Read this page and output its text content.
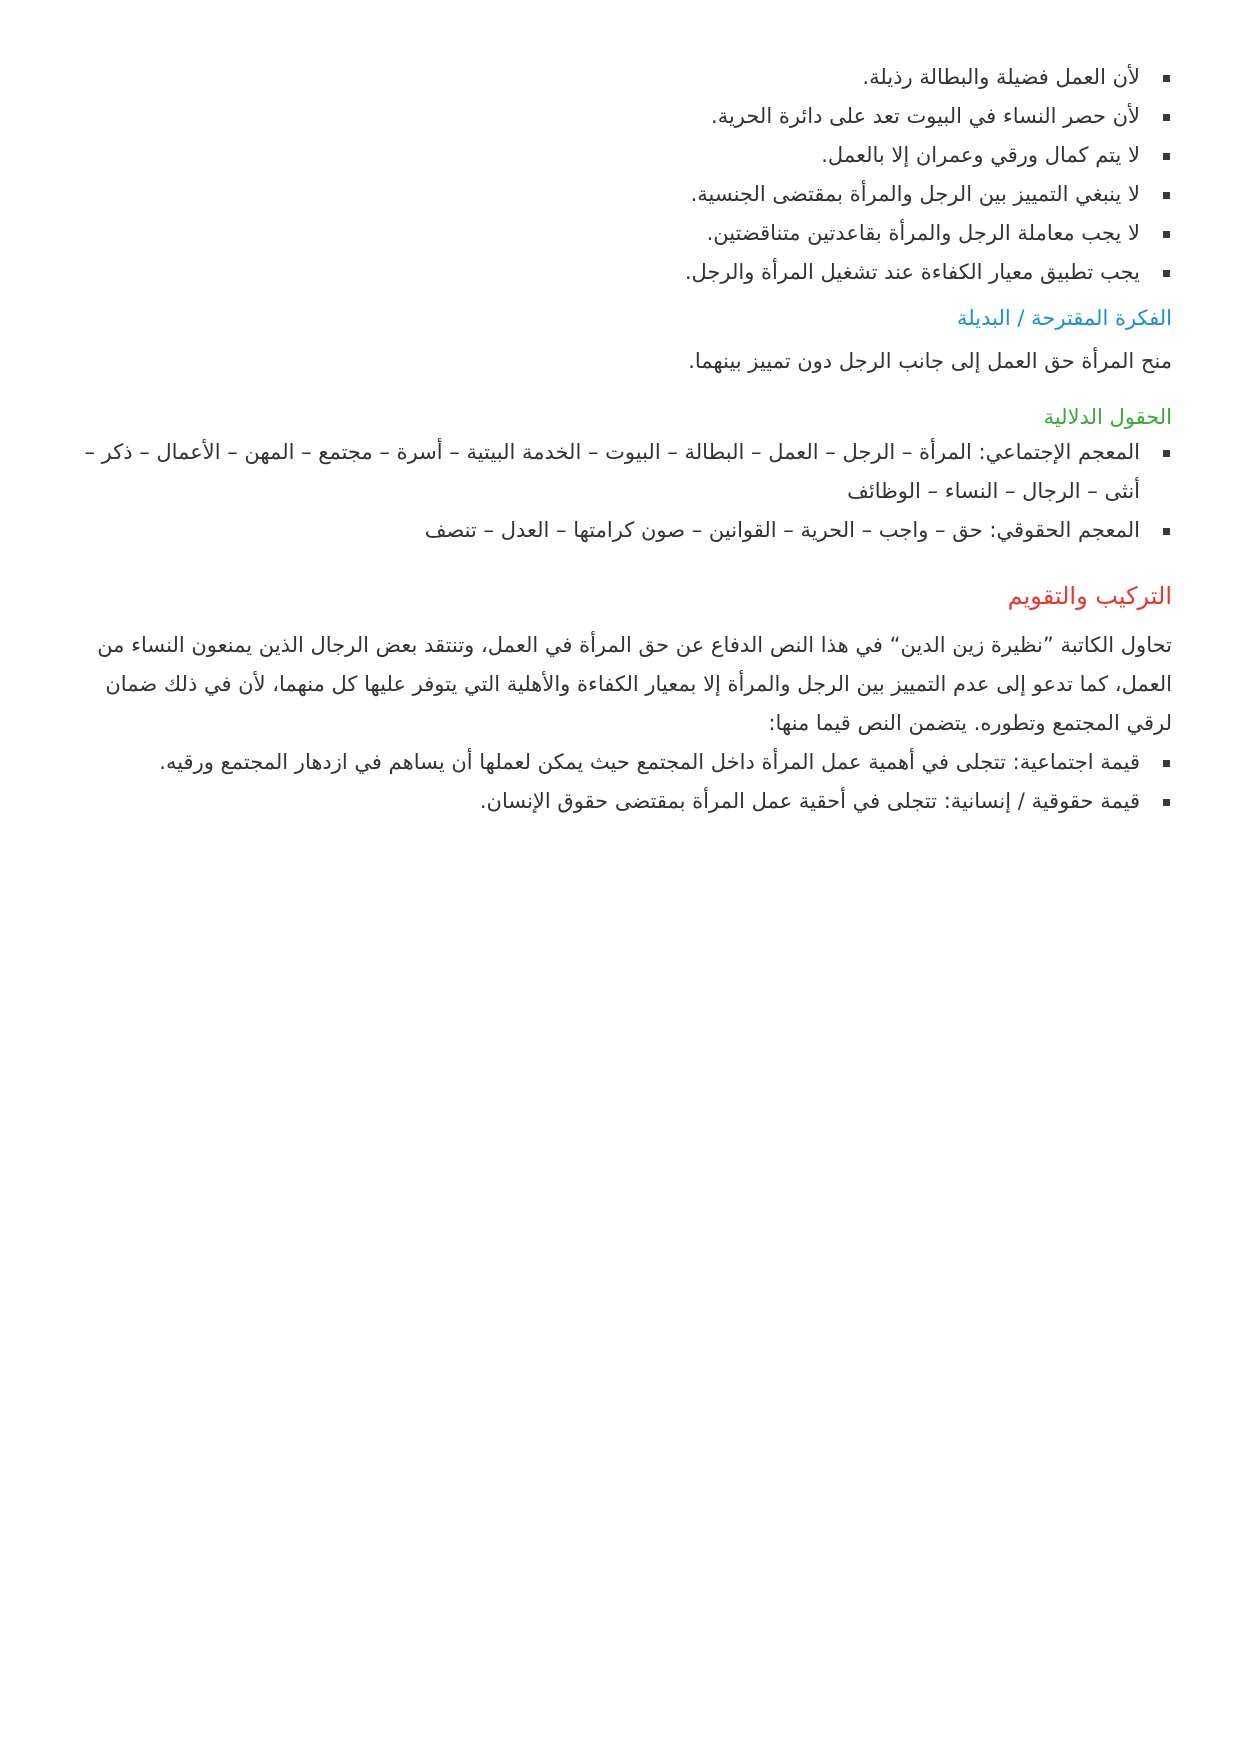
لأن العمل فضيلة والبطالة رذيلة.
لأن حصر النساء في البيوت تعد على دائرة الحرية.
لا يتم كمال ورقي وعمران إلا بالعمل.
لا ينبغي التمييز بين الرجل والمرأة بمقتضى الجنسية.
لا يجب معاملة الرجل والمرأة بقاعدتين متناقضتين.
يجب تطبيق معيار الكفاءة عند تشغيل المرأة والرجل.
الفكرة المقترحة / البديلة

منح المرأة حق العمل إلى جانب الرجل دون تمييز بينهما.

الحقول الدلالية
المعجم الإجتماعي: المرأة – الرجل – العمل – البطالة – البيوت – الخدمة البيتية – أسرة – مجتمع – المهن – الأعمال – ذكر – أنثى – الرجال – النساء – الوظائف
المعجم الحقوقي: حق – واجب – الحرية – القوانين – صون كرامتها – العدل – تنصف
التركيب والتقويم

تحاول الكاتبة ”نظيرة زين الدين“ في هذا النص الدفاع عن حق المرأة في العمل، وتنتقد بعض الرجال الذين يمنعون النساء من العمل، كما تدعو إلى عدم التمييز بين الرجل والمرأة إلا بمعيار الكفاءة والأهلية التي يتوفر عليها كل منهما، لأن في ذلك ضمان لرقي المجتمع وتطوره. يتضمن النص قيما منها:

قيمة اجتماعية: تتجلى في أهمية عمل المرأة داخل المجتمع حيث يمكن لعملها أن يساهم في ازدهار المجتمع ورقيه.
قيمة حقوقية / إنسانية: تتجلى في أحقية عمل المرأة بمقتضى حقوق الإنسان.
